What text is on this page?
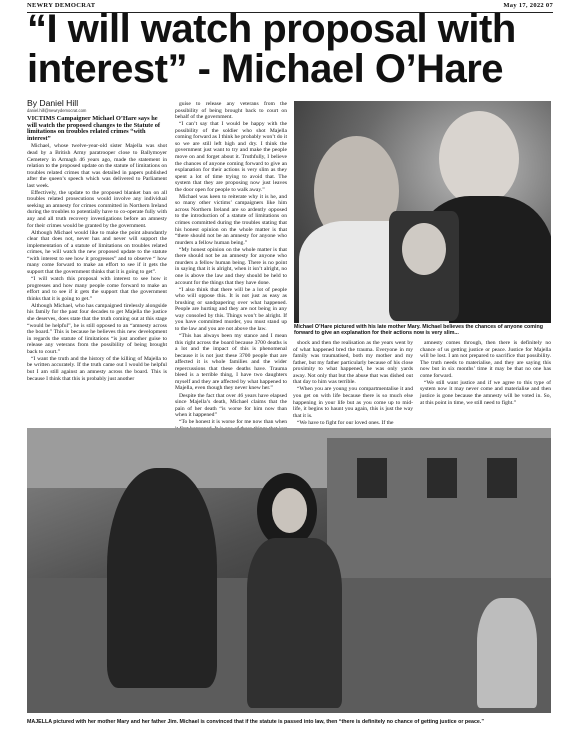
NEWRY DEMOCRAT	May 17, 2022 07
“I will watch proposal with interest” - Michael O’Hare
By Daniel Hill
daniel.hill@newrydemocrat.com

VICTIMS Campaigner Michael O’Hare says he will watch the proposed changes to the Statute of limitations on troubles related crimes “with interest”

Michael, whose twelve-year-old sister Majella was shot dead by a British Army paratrooper close to Ballymoyer Cemetery in Armagh 46 years ago, made the statement in relation to the proposed update on the statute of limitations on troubles related crimes that was detailed in papers published after the queen’s speech which was delivered to Parliament last week.

Effectively, the update to the proposed blanket ban on all troubles related prosecutions would involve any individual seeking an amnesty for crimes committed in Northern Ireland during the troubles to potentially have to co-operate fully with any and all truth recovery investigations before an amnesty for their crimes would be granted by the government.

Although Michael would like to make the point abundantly clear that does not, never has and never will support the implementation of a statute of limitations on troubles related crimes, he will watch the new proposed update to the statute “with interest to see how it progresses” and to observe “ how many come forward to make an effort to see if it gets the support that the government thinks that it is going to get”.

“I will watch this proposal with interest to see how it progresses and how many people come forward to make an effort and to see if it gets the support that the government thinks that it is going to get.”

Although Michael, who has campaigned tirelessly alongside his family for the past four decades to get Majella the justice she deserves, does state that the truth coming out at this stage “would be helpful”, he is still opposed to an “amnesty across the board.” This is because he believes this new development in regards the statute of limitations “is just another guise to release any veterans from the possibility of being brought back to court.”

“I want the truth and the history of the killing of Majella to be written accurately. If the truth came out I would be helpful but I am still against an amnesty across the board. This is because I think that this is probably just another

guise to release any veterans from the possibility of being brought back to court on behalf of the government.

“I can’t say that I would be happy with the possibility of the soldier who shot Majella coming forward as I think he probably won’t do it so we are still left high and dry. I think the government just want to try and make the people move on and forget about it. Truthfully, I believe the chances of anyone coming forward to give an explanation for their actions is very slim as they spent a lot of time trying to avoid that. The system that they are proposing now just leaves the door open for people to walk away.”

Michael was keen to reiterate why it is he, and so many other victims’ campaigners like him across Northern Ireland are so ardently opposed to the introduction of a statute of limitations on crimes committed during the troubles stating that his honest opinion on the whole matter is that “there should not be an amnesty for anyone who murders a fellow human being.”

“My honest opinion on the whole matter is that there should not be an amnesty for anyone who murders a fellow human being. There is no point in saying that it is alright, when it isn’t alright, no one is above the law and they should be held to account for the things that they have done.

“I also think that there will be a lot of people who will oppose this. It is not just as easy as brushing or sandpapering over what happened. People are hurting and they are not being in any way consoled by this. Things won’t be alright. If you have committed murder, you must stand up to the law and you are not above the law.

“This has always been my stance and I mean this right across the board because 3700 deaths is a lot and the impact of this is phenomenal because it is not just these 3700 people that are affected it is whole families and the wider repercussions that these deaths have. Trauma bleed is a terrible thing, I have two daughters myself and they are affected by what happened to Majella, even though they never knew her.”

Despite the fact that over 46 years have elapsed since Majella’s death, Michael claims that the pain of her death “is worse for him now than when it happened”

“To be honest it is worse for me now than when

Michael O’Hare pictured with his late mother Mary. Michael believes the chances of anyone coming forward to give an explanation for their actions now is very slim...

shock and then the realisation as the years went by of what happened bred the trauma. Everyone in my family was traumatised, both my mother and my father, but my father particularly because of his close proximity to what happened, he was only yards away. Not only that but the abuse that was dished out that day to him was terrible.

“When you are young you compartmentalise it and you get on with life because there is so much else happening in your life but as you come up to mid-life, it begins to haunt you again, this is just the way that it is.

“We have to fight for our loved ones. If the

amnesty comes through, then there is definitely no chance of us getting justice or peace. Justice for Majella will be lost. I am not prepared to sacrifice that possibility. The truth needs to materialise, and they are saying this now but in six months’ time it may be that no one has come forward.

“We still want justice and if we agree to this type of system now it may never come and materialise and then justice is gone because the amnesty will be voted in. So, at this point in time, we still need to fight.”

MAJELLA pictured with her mother Mary and her father Jim. Michael is convinced that if the statute is passed into law, then “there is definitely no chance of getting justice or peace.”
